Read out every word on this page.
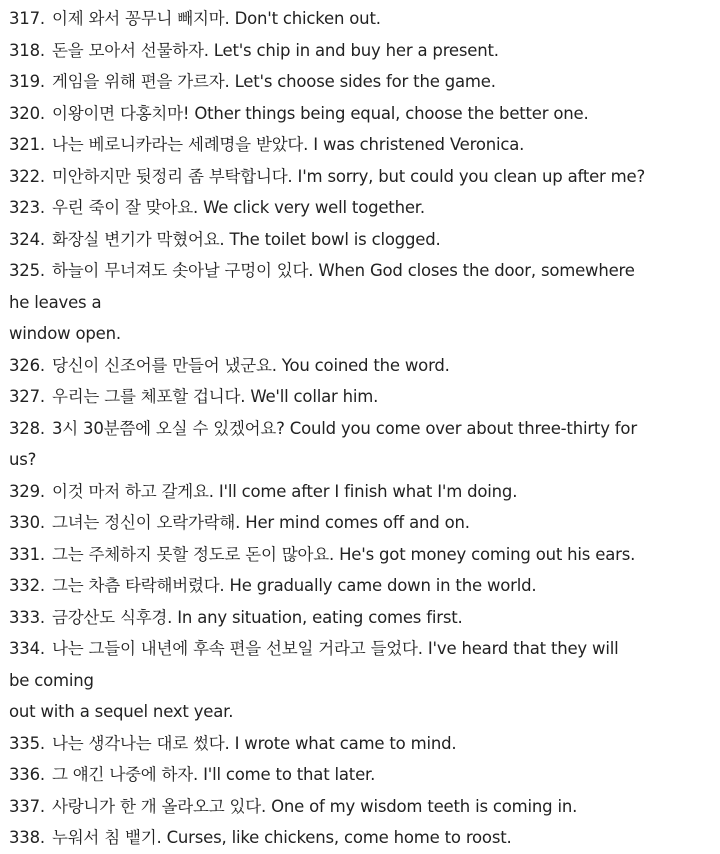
317. 이제 와서 꽁무니 빼지마. Don't chicken out.
318. 돈을 모아서 선물하자. Let's chip in and buy her a present.
319. 게임을 위해 편을 가르자. Let's choose sides for the game.
320. 이왕이면 다홍치마! Other things being equal, choose the better one.
321. 나는 베로니카라는 세례명을 받았다. I was christened Veronica.
322. 미안하지만 뒷정리 좀 부탁합니다. I'm sorry, but could you clean up after me?
323. 우린 죽이 잘 맞아요. We click very well together.
324. 화장실 변기가 막혔어요. The toilet bowl is clogged.
325. 하늘이 무너져도 솟아날 구멍이 있다. When God closes the door, somewhere
he leaves a
window open.
326. 당신이 신조어를 만들어 냈군요. You coined the word.
327. 우리는 그를 체포할 겁니다. We'll collar him.
328. 3시 30분쯤에 오실 수 있겠어요? Could you come over about three-thirty for
us?
329. 이것 마저 하고 갈게요. I'll come after I finish what I'm doing.
330. 그녀는 정신이 오락가락해. Her mind comes off and on.
331. 그는 주체하지 못할 정도로 돈이 많아요. He's got money coming out his ears.
332. 그는 차츰 타락해버렸다. He gradually came down in the world.
333. 금강산도 식후경. In any situation, eating comes first.
334. 나는 그들이 내년에 후속 편을 선보일 거라고 들었다. I've heard that they will
be coming
out with a sequel next year.
335. 나는 생각나는 대로 썼다. I wrote what came to mind.
336. 그 얘긴 나중에 하자. I'll come to that later.
337. 사랑니가 한 개 올라오고 있다. One of my wisdom teeth is coming in.
338. 누워서 침 뱉기. Curses, like chickens, come home to roost.
